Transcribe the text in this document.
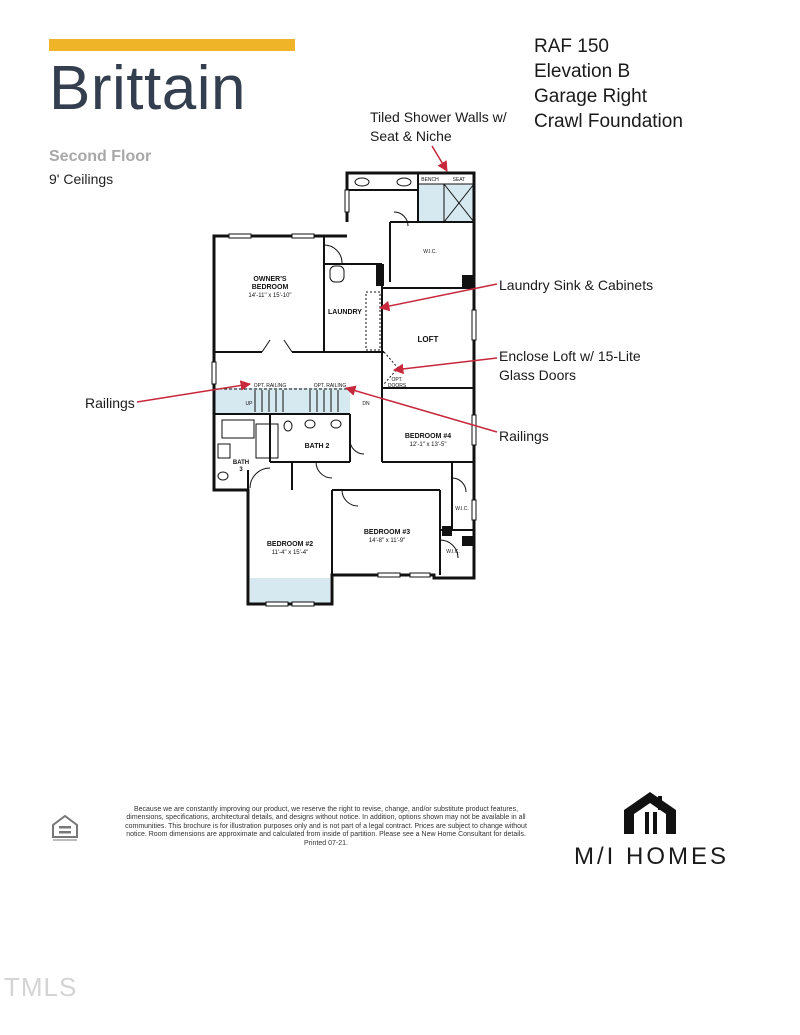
Brittain
Second Floor
9' Ceilings
RAF 150
Elevation B
Garage Right
Crawl Foundation
Tiled Shower Walls w/
Seat & Niche
Laundry Sink & Cabinets
Enclose Loft w/ 15-Lite
Glass Doors
Railings
Railings
OWNER'S
BEDROOM
14'-11" x 15'-10"
LAUNDRY
LOFT
BEDROOM #4
12'-1" x 13'-5"
BATH 2
BATH
3
BEDROOM #2
11'-4" x 15'-4"
BEDROOM #3
14'-8" x 11'-9"
W.I.C.
W.I.C.
W.I.C.
BENCH	SEAT
OPT. RAILING	OPT. RAILING
UP	DN
OPT.
DOORS
Because we are constantly improving our product, we reserve the right to revise, change, and/or substitute product features, dimensions, specifications, architectural details, and designs without notice. In addition, options shown may not be available in all communities. This brochure is for illustration purposes only and is not part of a legal contract. Prices are subject to change without notice. Room dimensions are approximate and calculated from inside of partition. Please see a New Home Consultant for details. Printed 07-21.	M/I HOMES
TMLS
